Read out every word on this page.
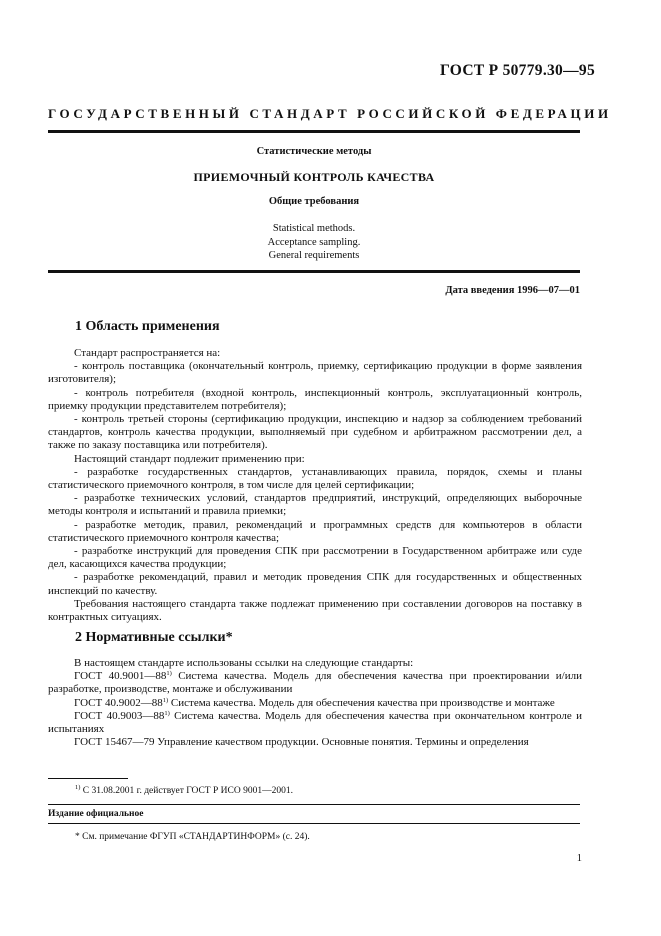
ГОСТ Р 50779.30—95
ГОСУДАРСТВЕННЫЙ СТАНДАРТ РОССИЙСКОЙ ФЕДЕРАЦИИ
Статистические методы
ПРИЕМОЧНЫЙ КОНТРОЛЬ КАЧЕСТВА
Общие требования
Statistical methods.
Acceptance sampling.
General requirements
Дата введения 1996—07—01
1 Область применения

Стандарт распространяется на:

- контроль поставщика (окончательный контроль, приемку, сертификацию продукции в форме заявления изготовителя);

- контроль потребителя (входной контроль, инспекционный контроль, эксплуатационный контроль, приемку продукции представителем потребителя);

- контроль третьей стороны (сертификацию продукции, инспекцию и надзор за соблюдением требований стандартов, контроль качества продукции, выполняемый при судебном и арбитражном рассмотрении дел, а также по заказу поставщика или потребителя).

Настоящий стандарт подлежит применению при:

- разработке государственных стандартов, устанавливающих правила, порядок, схемы и планы статистического приемочного контроля, в том числе для целей сертификации;

- разработке технических условий, стандартов предприятий, инструкций, определяющих выборочные методы контроля и испытаний и правила приемки;

- разработке методик, правил, рекомендаций и программных средств для компьютеров в области статистического приемочного контроля качества;

- разработке инструкций для проведения СПК при рассмотрении в Государственном арбитраже или суде дел, касающихся качества продукции;

- разработке рекомендаций, правил и методик проведения СПК для государственных и общественных инспекций по качеству.

Требования настоящего стандарта также подлежат применению при составлении договоров на поставку в контрактных ситуациях.

2 Нормативные ссылки*

В настоящем стандарте использованы ссылки на следующие стандарты:

ГОСТ 40.9001—88$^{1)}$ Система качества. Модель для обеспечения качества при проектировании и/или разработке, производстве, монтаже и обслуживании

ГОСТ 40.9002—88$^{1)}$ Система качества. Модель для обеспечения качества при производстве и монтаже

ГОСТ 40.9003—88$^{1)}$ Система качества. Модель для обеспечения качества при окончательном контроле и испытаниях

ГОСТ 15467—79 Управление качеством продукции. Основные понятия. Термины и определения

$^{1)}$ С 31.08.2001 г. действует ГОСТ Р ИСО 9001—2001.
Издание официальное
* См. примечание ФГУП «СТАНДАРТИНФОРМ» (с. 24).
1
